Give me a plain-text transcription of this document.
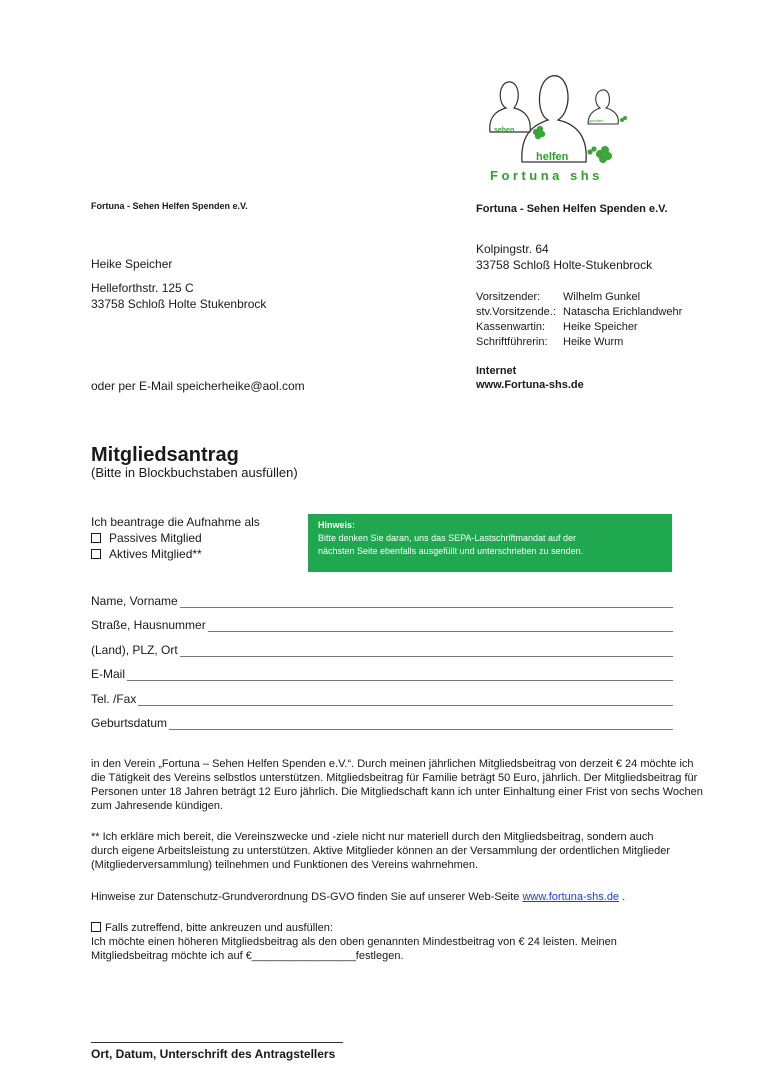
sehen
helfen
spenden
Fortuna shs
Fortuna - Sehen Helfen Spenden e.V.	Fortuna - Sehen Helfen Spenden e.V.
Kolpingstr. 64
33758 Schloß Holte-Stukenbrock
Vorsitzender:	Wilhelm Gunkel
stv.Vorsitzende.: Natascha Erichlandwehr
Kassenwartin:	Heike Speicher
Schriftführerin:	Heike Wurm
Internet
www.Fortuna-shs.de
Heike Speicher
Helleforthstr. 125 C
33758 Schloß Holte Stukenbrock
oder per E-Mail speicherheike@aol.com
Mitgliedsantrag
(Bitte in Blockbuchstaben ausfüllen)
Ich beantrage die Aufnahme als
Passives Mitglied
Aktives Mitglied**
Hinweis:
Bitte denken Sie daran, uns das SEPA-Lastschriftmandat auf der
nächsten Seite ebenfalls ausgefüllt und unterschrieben zu senden.
Name, Vorname
Straße, Hausnummer
(Land), PLZ, Ort
E-Mail
Tel. /Fax
Geburtsdatum
in den Verein „Fortuna – Sehen Helfen Spenden e.V.“. Durch meinen jährlichen Mitgliedsbeitrag von derzeit € 24 möchte ich
die Tätigkeit des Vereins selbstlos unterstützen. Mitgliedsbeitrag für Familie beträgt 50 Euro, jährlich. Der Mitgliedsbeitrag für
Personen unter 18 Jahren beträgt 12 Euro jährlich. Die Mitgliedschaft kann ich unter Einhaltung einer Frist von sechs Wochen
zum Jahresende kündigen.
** Ich erkläre mich bereit, die Vereinszwecke und -ziele nicht nur materiell durch den Mitgliedsbeitrag, sondern auch
durch eigene Arbeitsleistung zu unterstützen. Aktive Mitglieder können an der Versammlung der ordentlichen Mitglieder
(Mitgliederversammlung) teilnehmen und Funktionen des Vereins wahrnehmen.
Hinweise zur Datenschutz-Grundverordnung DS-GVO finden Sie auf unserer Web-Seite www.fortuna-shs.de .
Falls zutreffend, bitte ankreuzen und ausfüllen:
Ich möchte einen höheren Mitgliedsbeitrag als den oben genannten Mindestbeitrag von € 24 leisten. Meinen
Mitgliedsbeitrag möchte ich auf €_________________festlegen.
Ort, Datum, Unterschrift des Antragstellers
